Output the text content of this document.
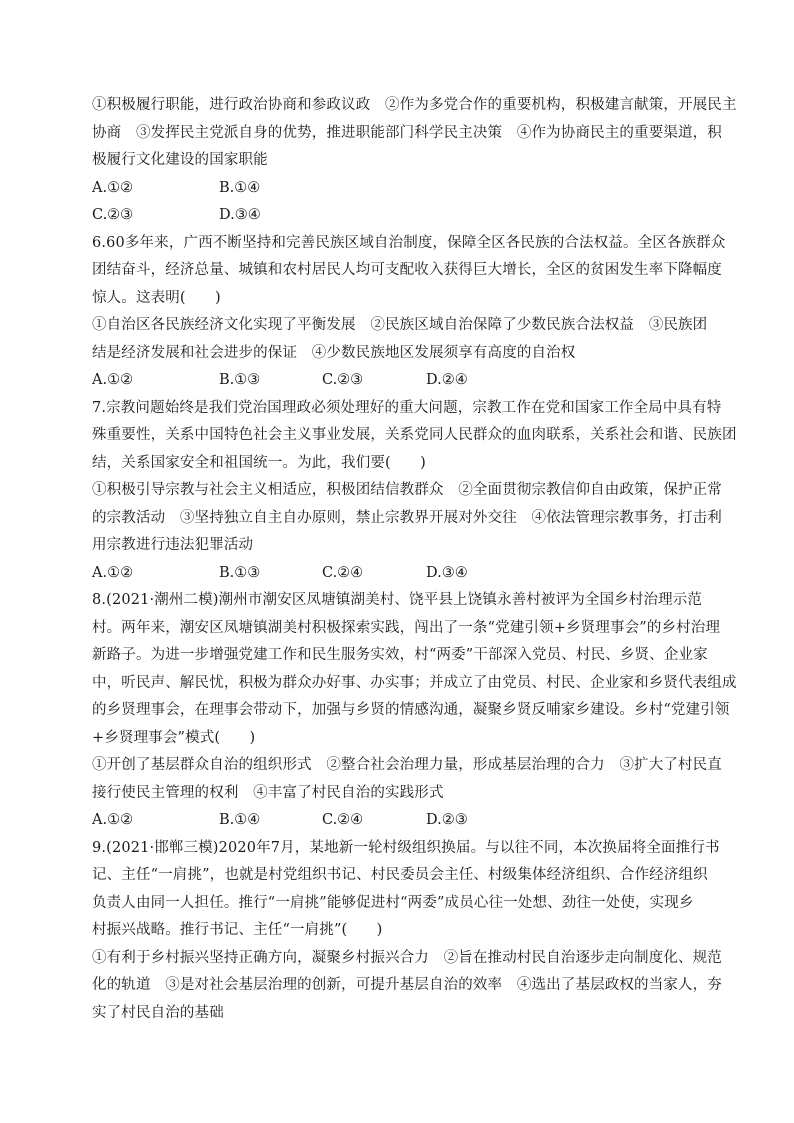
①积极履行职能，进行政治协商和参政议政　②作为多党合作的重要机构，积极建言献策，开展民主
协商　③发挥民主党派自身的优势，推进职能部门科学民主决策　④作为协商民主的重要渠道，积
极履行文化建设的国家职能
A.①②	B.①④
C.②③	D.③④
6.60多年来，广西不断坚持和完善民族区域自治制度，保障全区各民族的合法权益。全区各族群众
团结奋斗，经济总量、城镇和农村居民人均可支配收入获得巨大增长，全区的贫困发生率下降幅度
惊人。这表明(　　)
①自治区各民族经济文化实现了平衡发展　②民族区域自治保障了少数民族合法权益　③民族团
结是经济发展和社会进步的保证　④少数民族地区发展须享有高度的自治权
A.①②	B.①③	C.②③	D.②④
7.宗教问题始终是我们党治国理政必须处理好的重大问题，宗教工作在党和国家工作全局中具有特
殊重要性，关系中国特色社会主义事业发展，关系党同人民群众的血肉联系，关系社会和谐、民族团
结，关系国家安全和祖国统一。为此，我们要(　　)
①积极引导宗教与社会主义相适应，积极团结信教群众　②全面贯彻宗教信仰自由政策，保护正常
的宗教活动　③坚持独立自主自办原则，禁止宗教界开展对外交往　④依法管理宗教事务，打击利
用宗教进行违法犯罪活动
A.①②	B.①③	C.②④	D.③④
8.(2021·潮州二模)潮州市潮安区凤塘镇湖美村、饶平县上饶镇永善村被评为全国乡村治理示范
村。两年来，潮安区凤塘镇湖美村积极探索实践，闯出了一条“党建引领+乡贤理事会”的乡村治理
新路子。为进一步增强党建工作和民生服务实效，村“两委”干部深入党员、村民、乡贤、企业家
中，听民声、解民忧，积极为群众办好事、办实事；并成立了由党员、村民、企业家和乡贤代表组成
的乡贤理事会，在理事会带动下，加强与乡贤的情感沟通，凝聚乡贤反哺家乡建设。乡村“党建引领
+乡贤理事会”模式(　　)
①开创了基层群众自治的组织形式　②整合社会治理力量，形成基层治理的合力　③扩大了村民直
接行使民主管理的权利　④丰富了村民自治的实践形式
A.①②	B.①④	C.②④	D.②③
9.(2021·邯郸三模)2020年7月，某地新一轮村级组织换届。与以往不同，本次换届将全面推行书
记、主任“一肩挑”，也就是村党组织书记、村民委员会主任、村级集体经济组织、合作经济组织
负责人由同一人担任。推行“一肩挑”能够促进村“两委”成员心往一处想、劲往一处使，实现乡
村振兴战略。推行书记、主任“一肩挑”(　　)
①有利于乡村振兴坚持正确方向，凝聚乡村振兴合力　②旨在推动村民自治逐步走向制度化、规范
化的轨道　③是对社会基层治理的创新，可提升基层自治的效率　④选出了基层政权的当家人，夯
实了村民自治的基础
